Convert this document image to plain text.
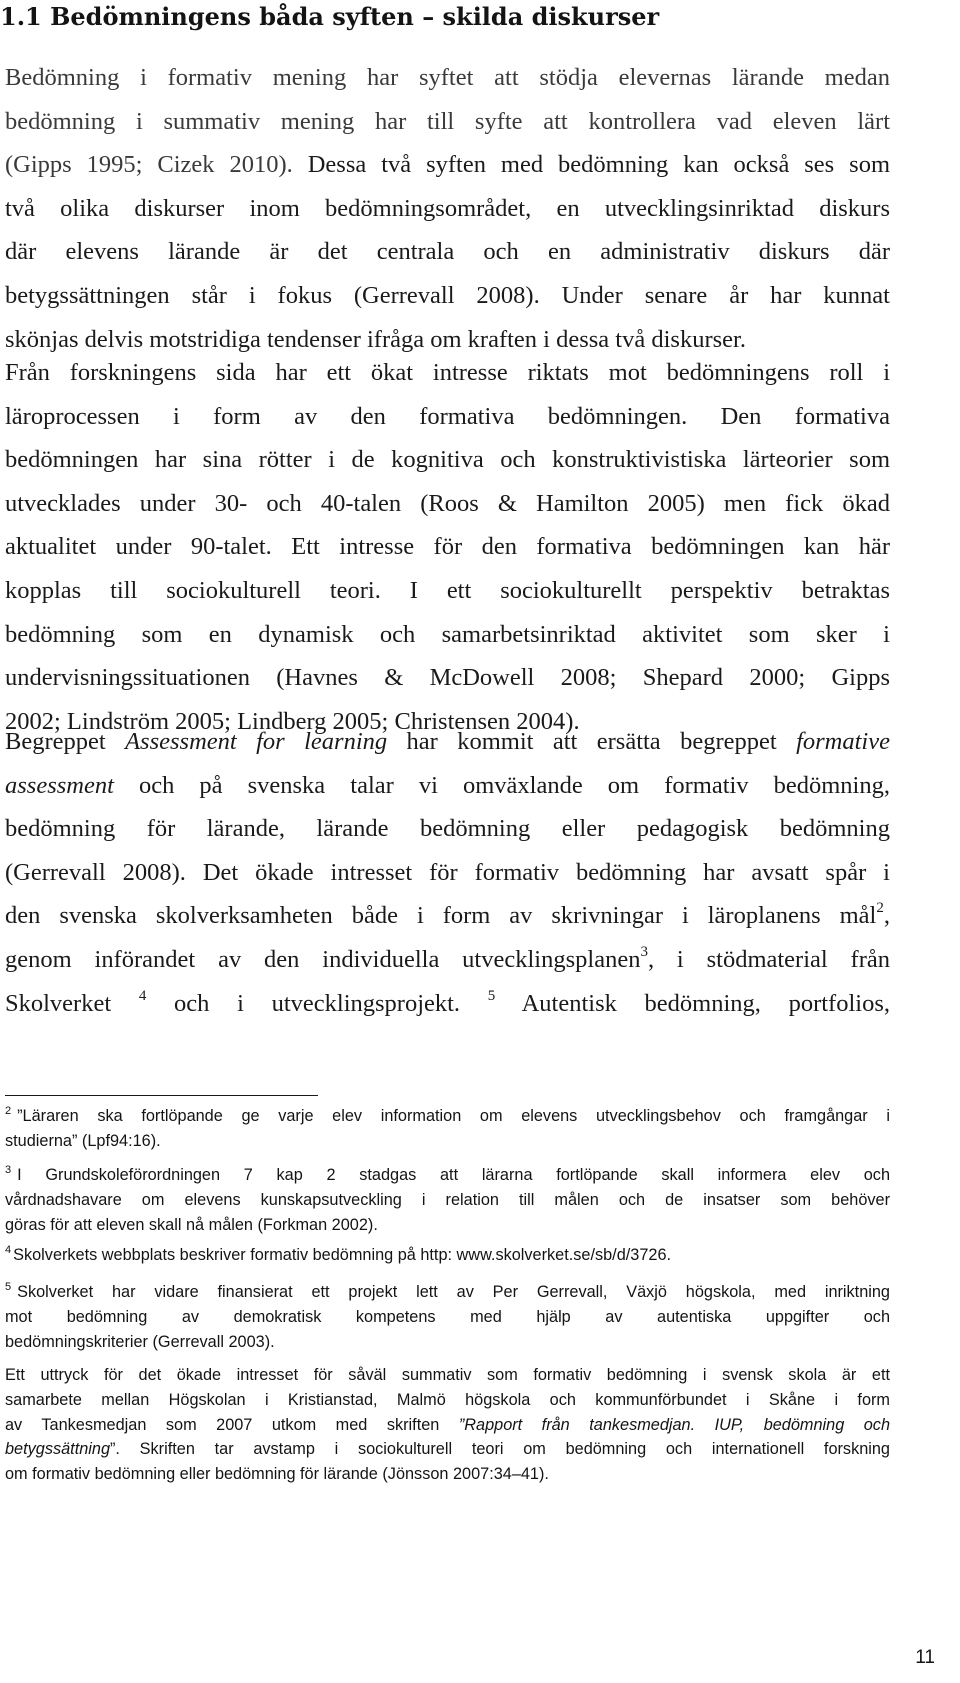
1.1 Bedömningens båda syften – skilda diskurser
Bedömning i formativ mening har syftet att stödja elevernas lärande medan
bedömning i summativ mening har till syfte att kontrollera vad eleven lärt
(Gipps 1995; Cizek 2010). Dessa två syften med bedömning kan också ses som
två olika diskurser inom bedömningsområdet, en utvecklingsinriktad diskurs
där elevens lärande är det centrala och en administrativ diskurs där
betygssättningen står i fokus (Gerrevall 2008). Under senare år har kunnat
skönjas delvis motstridiga tendenser ifråga om kraften i dessa två diskurser.
Från forskningens sida har ett ökat intresse riktats mot bedömningens roll i
läroprocessen i form av den formativa bedömningen. Den formativa
bedömningen har sina rötter i de kognitiva och konstruktivistiska lärteorier som
utvecklades under 30- och 40-talen (Roos & Hamilton 2005) men fick ökad
aktualitet under 90-talet. Ett intresse för den formativa bedömningen kan här
kopplas till sociokulturell teori. I ett sociokulturellt perspektiv betraktas
bedömning som en dynamisk och samarbetsinriktad aktivitet som sker i
undervisningssituationen (Havnes & McDowell 2008; Shepard 2000; Gipps
2002; Lindström 2005; Lindberg 2005; Christensen 2004).
Begreppet Assessment for learning har kommit att ersätta begreppet formative
assessment och på svenska talar vi omväxlande om formativ bedömning,
bedömning för lärande, lärande bedömning eller pedagogisk bedömning
(Gerrevall 2008). Det ökade intresset för formativ bedömning har avsatt spår i
den svenska skolverksamheten både i form av skrivningar i läroplanens mål$^2$,
genom införandet av den individuella utvecklingsplanen$^3$, i stödmaterial från
Skolverket $^4$ och i utvecklingsprojekt. $^5$ Autentisk bedömning, portfolios,
$^2$ ”Läraren ska fortlöpande ge varje elev information om elevens utvecklingsbehov och framgångar i
studierna” (Lpf94:16).
$^3$ I Grundskoleförordningen 7 kap 2 stadgas att lärarna fortlöpande skall informera elev och
vårdnadshavare om elevens kunskapsutveckling i relation till målen och de insatser som behöver
göras för att eleven skall nå målen (Forkman 2002).
$^4$ Skolverkets webbplats beskriver formativ bedömning på http: www.skolverket.se/sb/d/3726.
$^5$ Skolverket har vidare finansierat ett projekt lett av Per Gerrevall, Växjö högskola, med inriktning
mot bedömning av demokratisk kompetens med hjälp av autentiska uppgifter och
bedömningskriterier (Gerrevall 2003).
Ett uttryck för det ökade intresset för såväl summativ som formativ bedömning i svensk skola är ett
samarbete mellan Högskolan i Kristianstad, Malmö högskola och kommunförbundet i Skåne i form
av Tankesmedjan som 2007 utkom med skriften ”Rapport från tankesmedjan. IUP, bedömning och
betygssättning”. Skriften tar avstamp i sociokulturell teori om bedömning och internationell forskning
om formativ bedömning eller bedömning för lärande (Jönsson 2007:34–41).
11
